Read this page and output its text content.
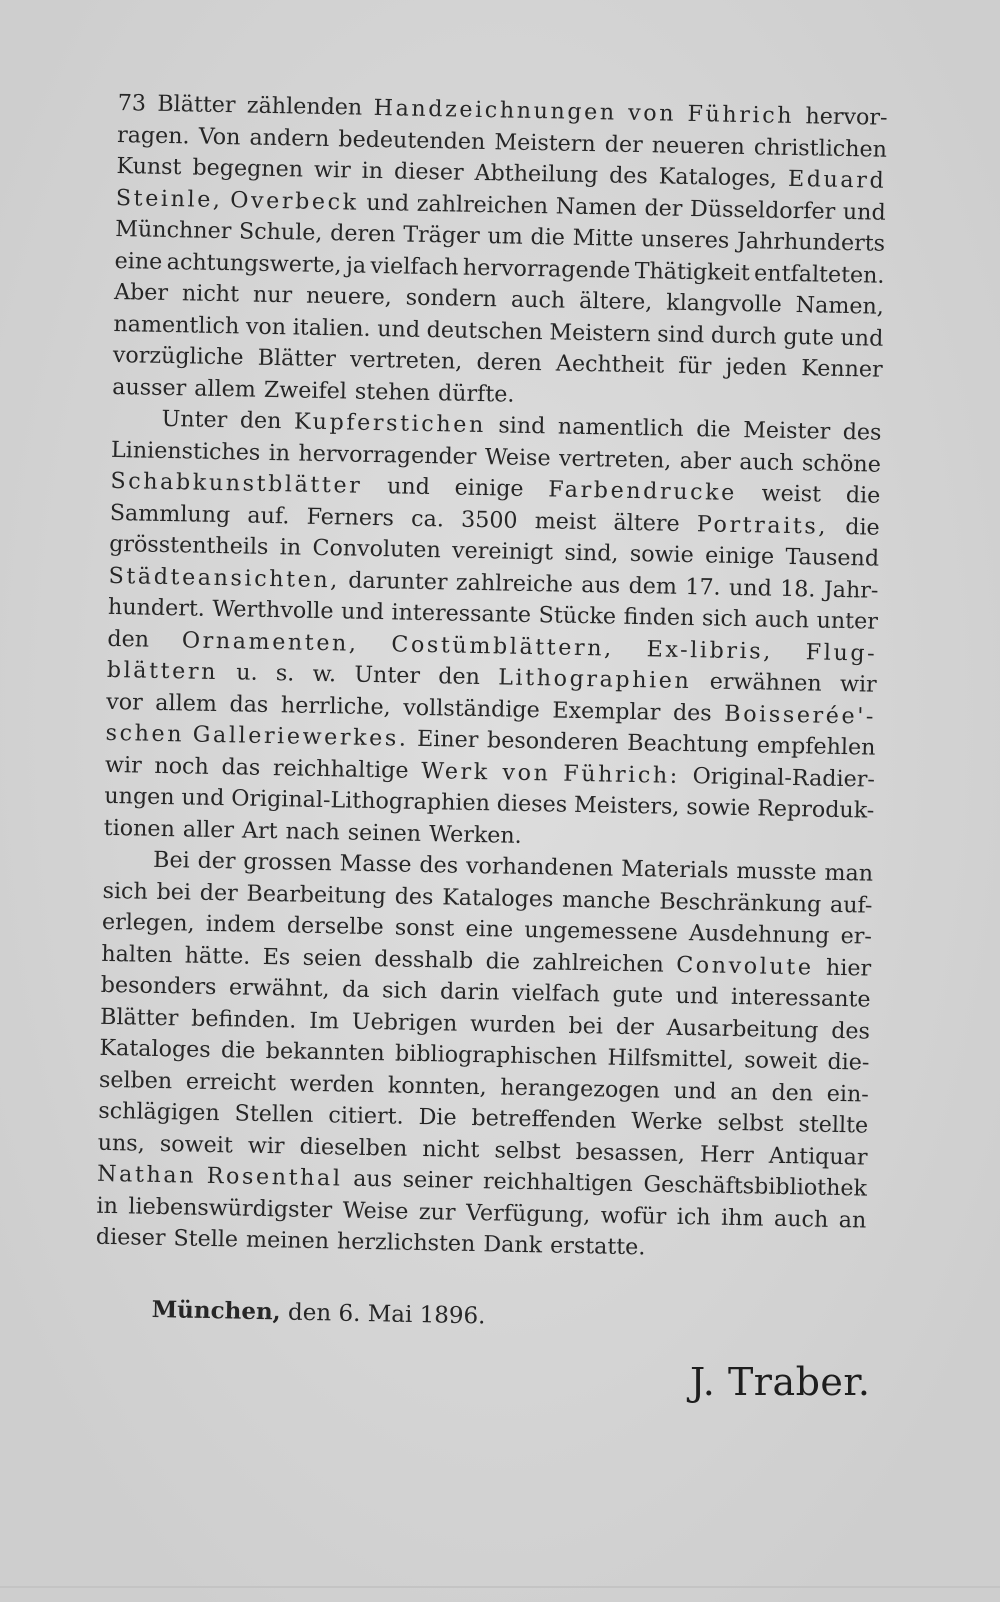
73 Blätter zählenden Handzeichnungen von Führich hervor-
ragen. Von andern bedeutenden Meistern der neueren christlichen
Kunst begegnen wir in dieser Abtheilung des Kataloges, Eduard
Steinle, Overbeck und zahlreichen Namen der Düsseldorfer und
Münchner Schule, deren Träger um die Mitte unseres Jahrhunderts
eine achtungswerte, ja vielfach hervorragende Thätigkeit entfalteten.
Aber nicht nur neuere, sondern auch ältere, klangvolle Namen,
namentlich von italien. und deutschen Meistern sind durch gute und
vorzügliche Blätter vertreten, deren Aechtheit für jeden Kenner
ausser allem Zweifel stehen dürfte.
Unter den Kupferstichen sind namentlich die Meister des
Linienstiches in hervorragender Weise vertreten, aber auch schöne
Schabkunstblätter und einige Farbendrucke weist die
Sammlung auf. Ferners ca. 3500 meist ältere Portraits, die
grösstentheils in Convoluten vereinigt sind, sowie einige Tausend
Städteansichten, darunter zahlreiche aus dem 17. und 18. Jahr-
hundert. Werthvolle und interessante Stücke finden sich auch unter
den Ornamenten, Costümblättern, Ex-libris, Flug-
blättern u. s. w. Unter den Lithographien erwähnen wir
vor allem das herrliche, vollständige Exemplar des Boisserée'-
schen Galleriewerkes. Einer besonderen Beachtung empfehlen
wir noch das reichhaltige Werk von Führich: Original-Radier-
ungen und Original-Lithographien dieses Meisters, sowie Reproduk-
tionen aller Art nach seinen Werken.
Bei der grossen Masse des vorhandenen Materials musste man
sich bei der Bearbeitung des Kataloges manche Beschränkung auf-
erlegen, indem derselbe sonst eine ungemessene Ausdehnung er-
halten hätte. Es seien desshalb die zahlreichen Convolute hier
besonders erwähnt, da sich darin vielfach gute und interessante
Blätter befinden. Im Uebrigen wurden bei der Ausarbeitung des
Kataloges die bekannten bibliographischen Hilfsmittel, soweit die-
selben erreicht werden konnten, herangezogen und an den ein-
schlägigen Stellen citiert. Die betreffenden Werke selbst stellte
uns, soweit wir dieselben nicht selbst besassen, Herr Antiquar
Nathan Rosenthal aus seiner reichhaltigen Geschäftsbibliothek
in liebenswürdigster Weise zur Verfügung, wofür ich ihm auch an
dieser Stelle meinen herzlichsten Dank erstatte.
München, den 6. Mai 1896.
J. Traber.
